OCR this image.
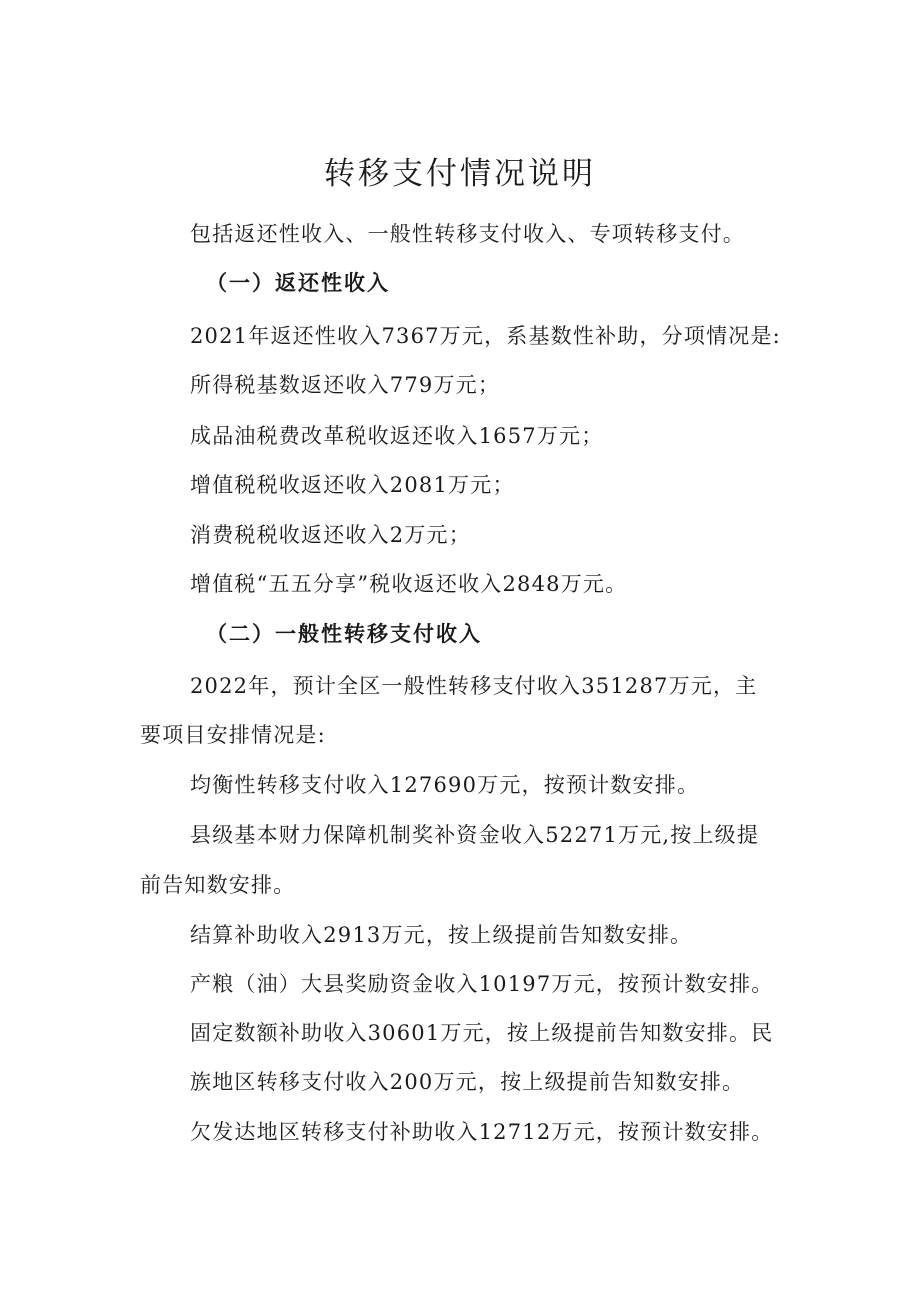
转移支付情况说明
包括返还性收入、一般性转移支付收入、专项转移支付。
（一）返还性收入
2021年返还性收入7367万元，系基数性补助，分项情况是:
所得税基数返还收入779万元；
成品油税费改革税收返还收入1657万元；
增值税税收返还收入2081万元；
消费税税收返还收入2万元；
增值税“五五分享”税收返还收入2848万元。
（二）一般性转移支付收入
2022年，预计全区一般性转移支付收入351287万元，主
要项目安排情况是:
均衡性转移支付收入127690万元，按预计数安排。
县级基本财力保障机制奖补资金收入52271万元,按上级提
前告知数安排。
结算补助收入2913万元，按上级提前告知数安排。
产粮（油）大县奖励资金收入10197万元，按预计数安排。
固定数额补助收入30601万元，按上级提前告知数安排。民
族地区转移支付收入200万元，按上级提前告知数安排。
欠发达地区转移支付补助收入12712万元，按预计数安排。
